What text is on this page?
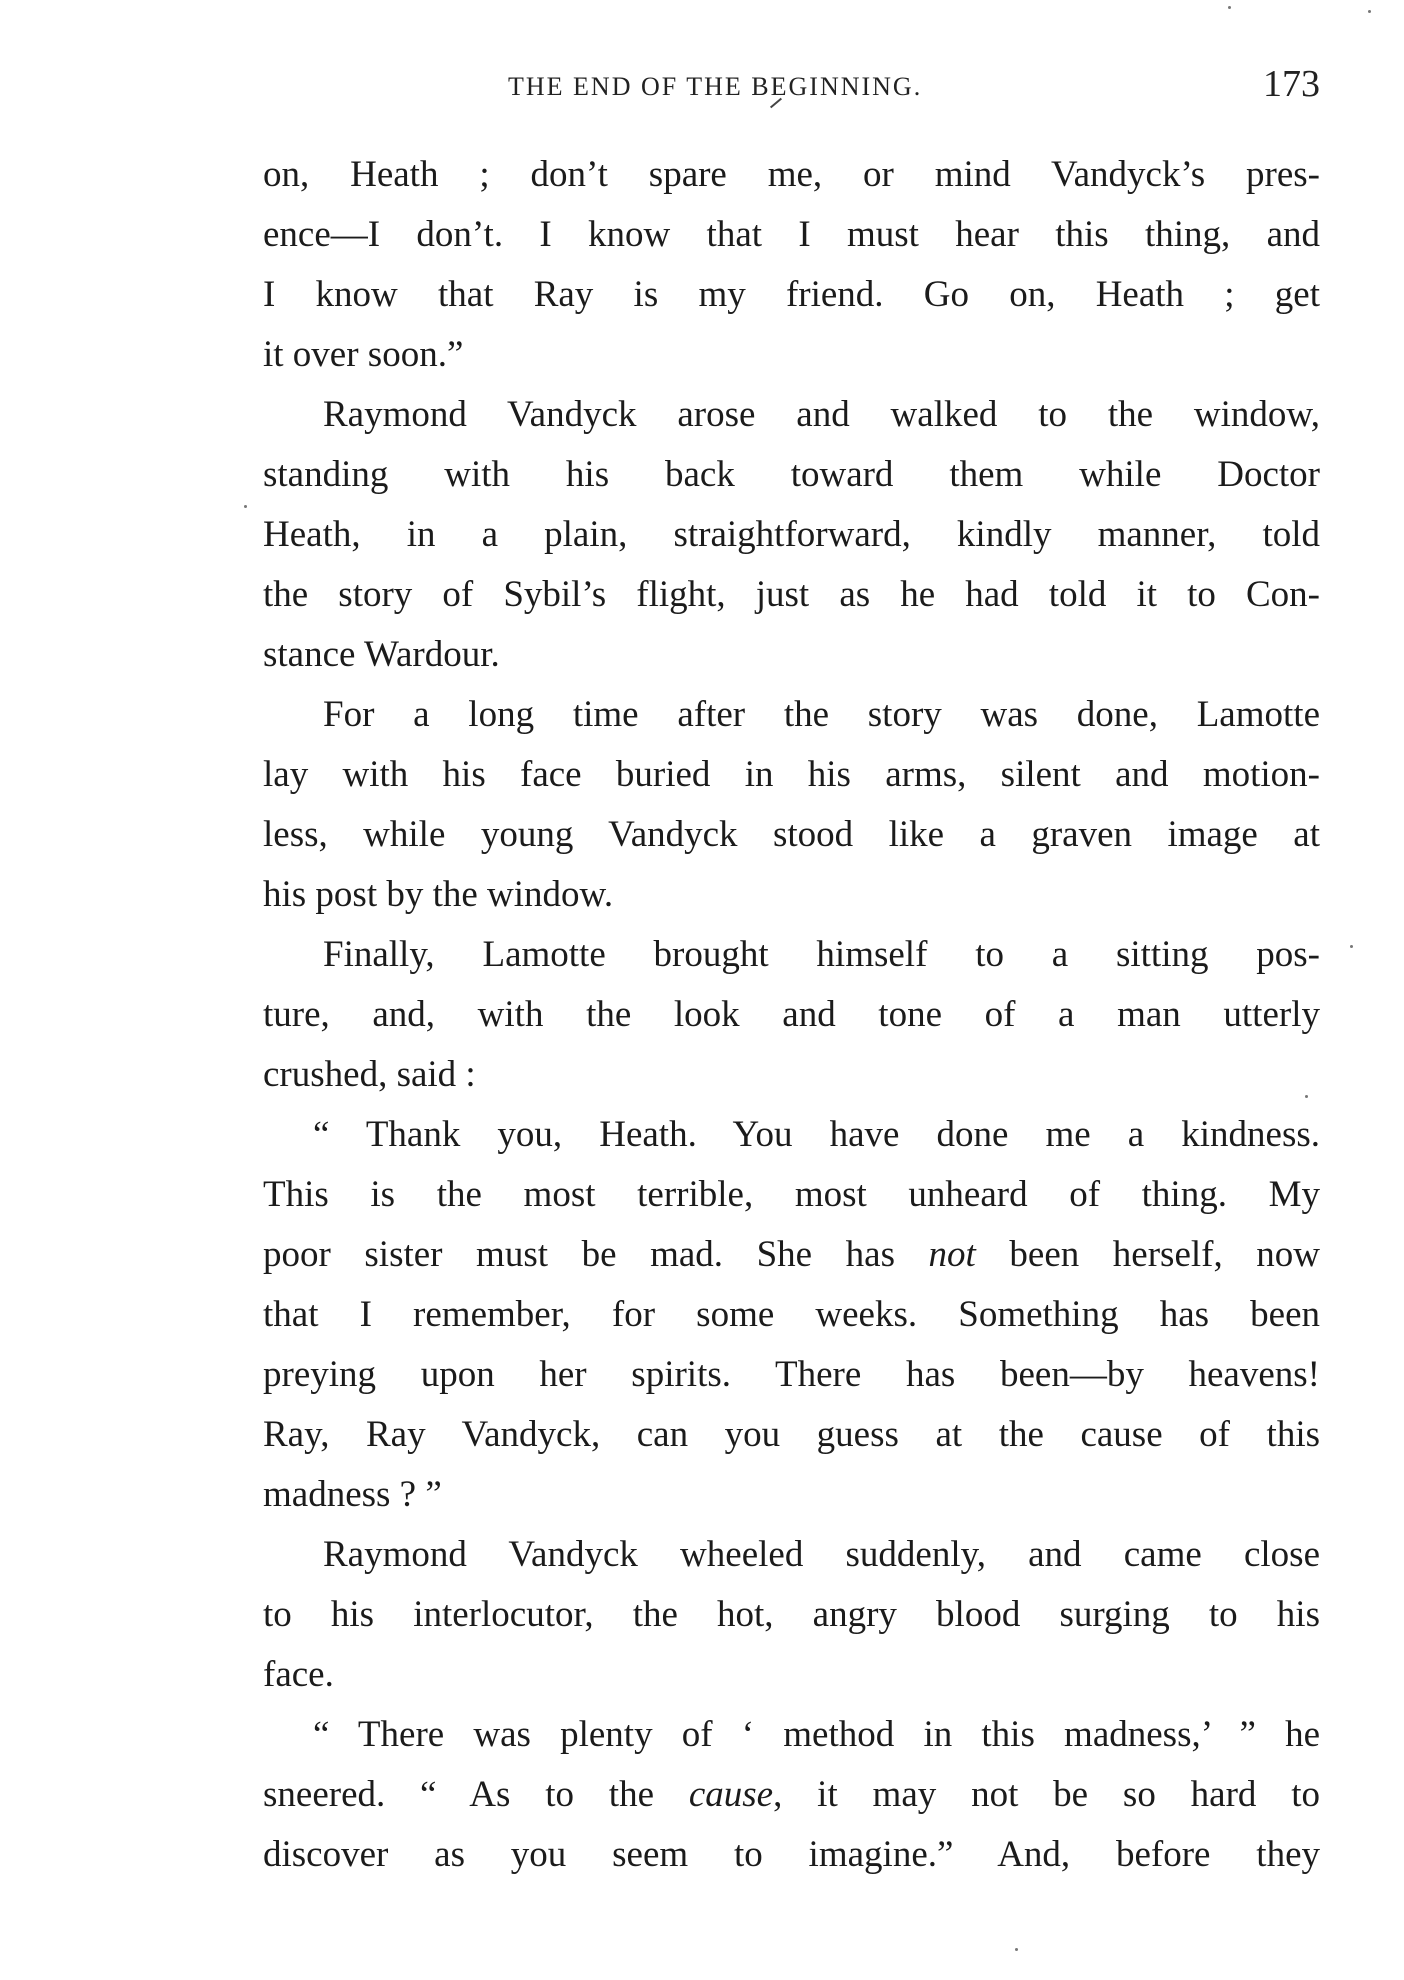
THE END OF THE BEGINNING.	173
on, Heath ; don’t spare me, or mind Vandyck’s pres-
ence—I don’t. I know that I must hear this thing, and
I know that Ray is my friend. Go on, Heath ; get
it over soon.”
Raymond Vandyck arose and walked to the window,
standing with his back toward them while Doctor
Heath, in a plain, straightforward, kindly manner, told
the story of Sybil’s flight, just as he had told it to Con-
stance Wardour.
For a long time after the story was done, Lamotte
lay with his face buried in his arms, silent and motion-
less, while young Vandyck stood like a graven image at
his post by the window.
Finally, Lamotte brought himself to a sitting pos-
ture, and, with the look and tone of a man utterly
crushed, said :
“ Thank you, Heath. You have done me a kindness.
This is the most terrible, most unheard of thing. My
poor sister must be mad. She has not been herself, now
that I remember, for some weeks. Something has been
preying upon her spirits. There has been—by heavens!
Ray, Ray Vandyck, can you guess at the cause of this
madness ? ”
Raymond Vandyck wheeled suddenly, and came close
to his interlocutor, the hot, angry blood surging to his
face.
“ There was plenty of ‘ method in this madness,’ ” he
sneered. “ As to the cause, it may not be so hard to
discover as you seem to imagine.” And, before they
